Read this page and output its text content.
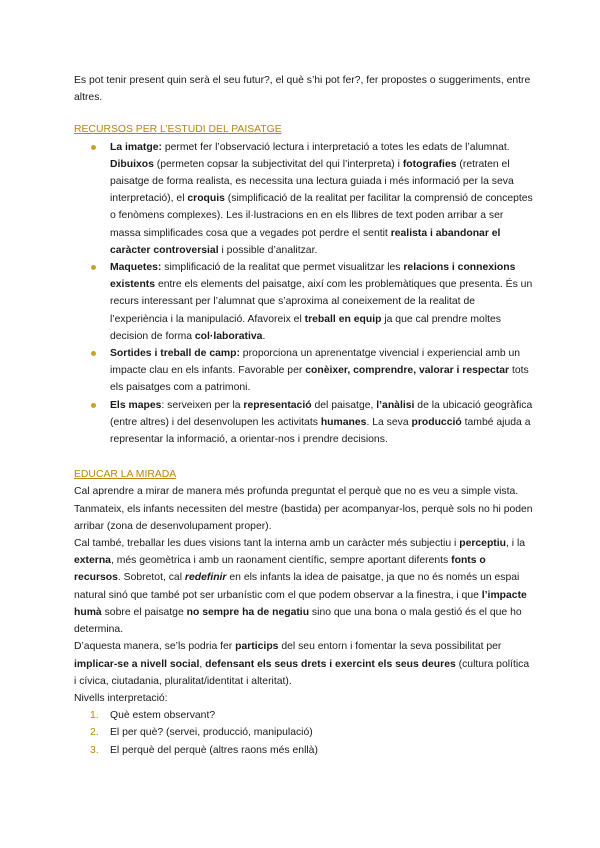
Es pot tenir present quin serà el seu futur?, el què s’hi pot fer?, fer propostes o suggeriments, entre altres.

RECURSOS PER L’ESTUDI DEL PAISATGE

La imatge: permet fer l’observació lectura i interpretació a totes les edats de l’alumnat. Dibuixos (permeten copsar la subjectivitat del qui l’interpreta) i fotografies (retraten el paisatge de forma realista, es necessita una lectura guiada i més informació per la seva interpretació), el croquis (simplificació de la realitat per facilitar la comprensió de conceptes o fenòmens complexes). Les il·lustracions en en els llibres de text poden arribar a ser massa simplificades cosa que a vegades pot perdre el sentit realista i abandonar el caràcter controversial i possible d’analitzar.
Maquetes: simplificació de la realitat que permet visualitzar les relacions i connexions existents entre els elements del paisatge, així com les problemàtiques que presenta. És un recurs interessant per l’alumnat que s’aproxima al coneixement de la realitat de l’experiència i la manipulació. Afavoreix el treball en equip ja que cal prendre moltes decision de forma col·laborativa.
Sortides i treball de camp: proporciona un aprenentatge vivencial i experiencial amb un impacte clau en els infants. Favorable per conèixer, comprendre, valorar i respectar tots els paisatges com a patrimoni.
Els mapes: serveixen per la representació del paisatge, l’anàlisi de la ubicació geogràfica (entre altres) i del desenvolupen les activitats humanes. La seva producció també ajuda a representar la informació, a orientar-nos i prendre decisions.

EDUCAR LA MIRADA

Cal aprendre a mirar de manera més profunda preguntat el perquè que no es veu a simple vista. Tanmateix, els infants necessiten del mestre (bastida) per acompanyar-los, perquè sols no hi poden arribar (zona de desenvolupament proper).

Cal també, treballar les dues visions tant la interna amb un caràcter més subjectiu i perceptiu, i la externa, més geomètrica i amb un raonament científic, sempre aportant diferents fonts o recursos. Sobretot, cal redefinir en els infants la idea de paisatge, ja que no és només un espai natural sinó que també pot ser urbanístic com el que podem observar a la finestra, i que l’impacte humà sobre el paisatge no sempre ha de negatiu sino que una bona o mala gestió és el que ho determina.

D’aquesta manera, se’ls podria fer particips del seu entorn i fomentar la seva possibilitat per implicar-se a nivell social, defensant els seus drets i exercint els seus deures (cultura política i cívica, ciutadania, pluralitat/identitat i alteritat).

Nivells interpretació:

1. Què estem observant?
2. El per què? (servei, producció, manipulació)
3. El perquè del perquè (altres raons més enllà)
